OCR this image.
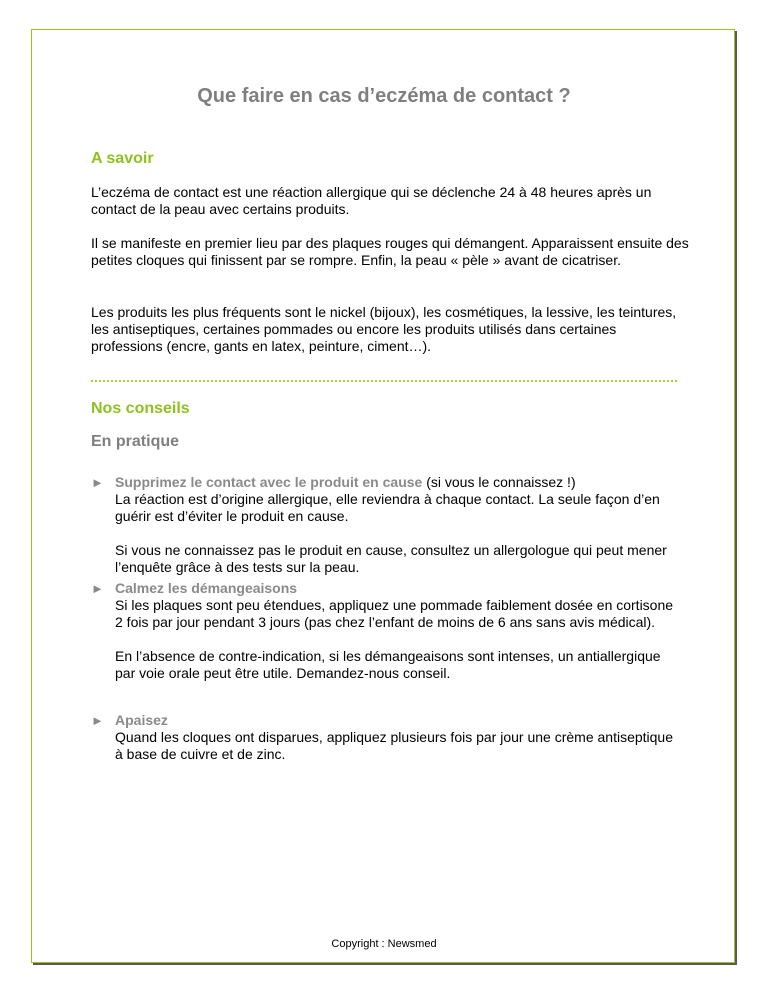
Que faire en cas d’eczéma de contact ?
A savoir

L’eczéma de contact est une réaction allergique qui se déclenche 24 à 48 heures après un contact de la peau avec certains produits.

Il se manifeste en premier lieu par des plaques rouges qui démangent. Apparaissent ensuite des petites cloques qui finissent par se rompre. Enfin, la peau « pèle » avant de cicatriser.

Les produits les plus fréquents sont le nickel (bijoux), les cosmétiques, la lessive, les teintures, les antiseptiques, certaines pommades ou encore les produits utilisés dans certaines professions (encre, gants en latex, peinture, ciment…).

Nos conseils
En pratique
► Supprimez le contact avec le produit en cause (si vous le connaissez !)

La réaction est d’origine allergique, elle reviendra à chaque contact. La seule façon d’en guérir est d’éviter le produit en cause.

Si vous ne connaissez pas le produit en cause, consultez un allergologue qui peut mener l’enquête grâce à des tests sur la peau.

► Calmez les démangeaisons

Si les plaques sont peu étendues, appliquez une pommade faiblement dosée en cortisone 2 fois par jour pendant 3 jours (pas chez l’enfant de moins de 6 ans sans avis médical).

En l’absence de contre-indication, si les démangeaisons sont intenses, un antiallergique par voie orale peut être utile. Demandez-nous conseil.

► Apaisez

Quand les cloques ont disparues, appliquez plusieurs fois par jour une crème antiseptique à base de cuivre et de zinc.

Copyright : Newsmed
